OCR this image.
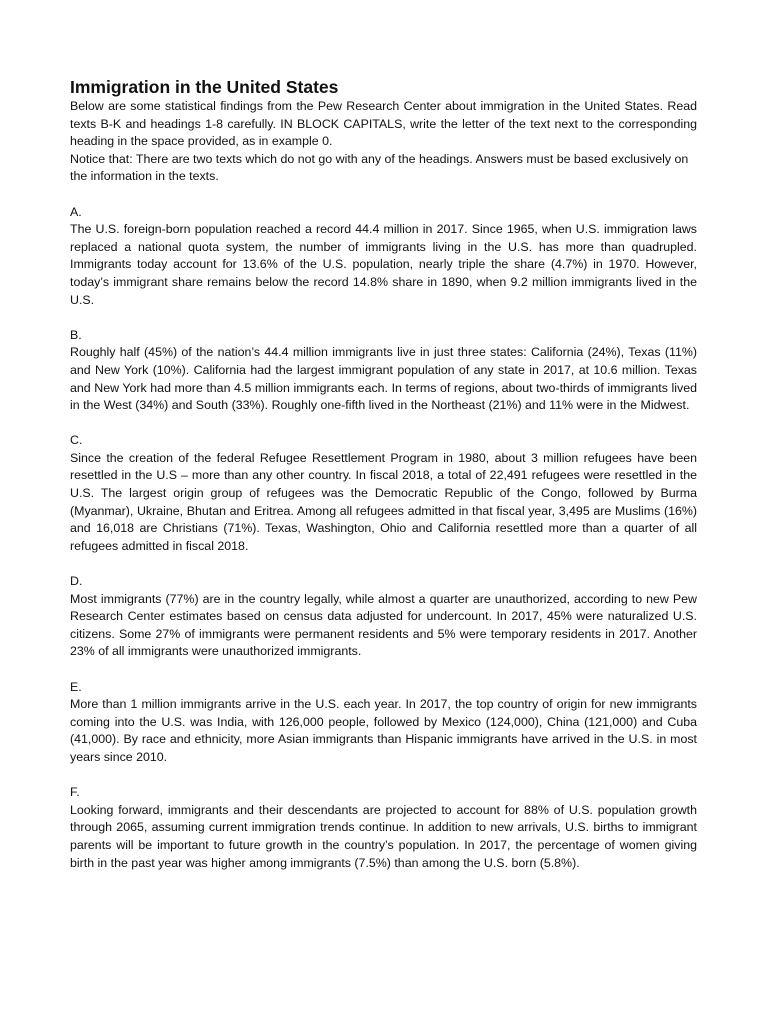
Immigration in the United States

Below are some statistical findings from the Pew Research Center about immigration in the United States. Read texts B-K and headings 1-8 carefully. IN BLOCK CAPITALS, write the letter of the text next to the corresponding heading in the space provided, as in example 0.

Notice that: There are two texts which do not go with any of the headings. Answers must be based exclusively on the information in the texts.

A.

The U.S. foreign-born population reached a record 44.4 million in 2017. Since 1965, when U.S. immigration laws replaced a national quota system, the number of immigrants living in the U.S. has more than quadrupled. Immigrants today account for 13.6% of the U.S. population, nearly triple the share (4.7%) in 1970. However, today’s immigrant share remains below the record 14.8% share in 1890, when 9.2 million immigrants lived in the U.S.

B.

Roughly half (45%) of the nation’s 44.4 million immigrants live in just three states: California (24%), Texas (11%) and New York (10%). California had the largest immigrant population of any state in 2017, at 10.6 million. Texas and New York had more than 4.5 million immigrants each. In terms of regions, about two-thirds of immigrants lived in the West (34%) and South (33%). Roughly one-fifth lived in the Northeast (21%) and 11% were in the Midwest.

C.

Since the creation of the federal Refugee Resettlement Program in 1980, about 3 million refugees have been resettled in the U.S – more than any other country. In fiscal 2018, a total of 22,491 refugees were resettled in the U.S. The largest origin group of refugees was the Democratic Republic of the Congo, followed by Burma (Myanmar), Ukraine, Bhutan and Eritrea. Among all refugees admitted in that fiscal year, 3,495 are Muslims (16%) and 16,018 are Christians (71%). Texas, Washington, Ohio and California resettled more than a quarter of all refugees admitted in fiscal 2018.

D.

Most immigrants (77%) are in the country legally, while almost a quarter are unauthorized, according to new Pew Research Center estimates based on census data adjusted for undercount. In 2017, 45% were naturalized U.S. citizens. Some 27% of immigrants were permanent residents and 5% were temporary residents in 2017. Another 23% of all immigrants were unauthorized immigrants.

E.

More than 1 million immigrants arrive in the U.S. each year. In 2017, the top country of origin for new immigrants coming into the U.S. was India, with 126,000 people, followed by Mexico (124,000), China (121,000) and Cuba (41,000). By race and ethnicity, more Asian immigrants than Hispanic immigrants have arrived in the U.S. in most years since 2010.

F.

Looking forward, immigrants and their descendants are projected to account for 88% of U.S. population growth through 2065, assuming current immigration trends continue. In addition to new arrivals, U.S. births to immigrant parents will be important to future growth in the country’s population. In 2017, the percentage of women giving birth in the past year was higher among immigrants (7.5%) than among the U.S. born (5.8%).
